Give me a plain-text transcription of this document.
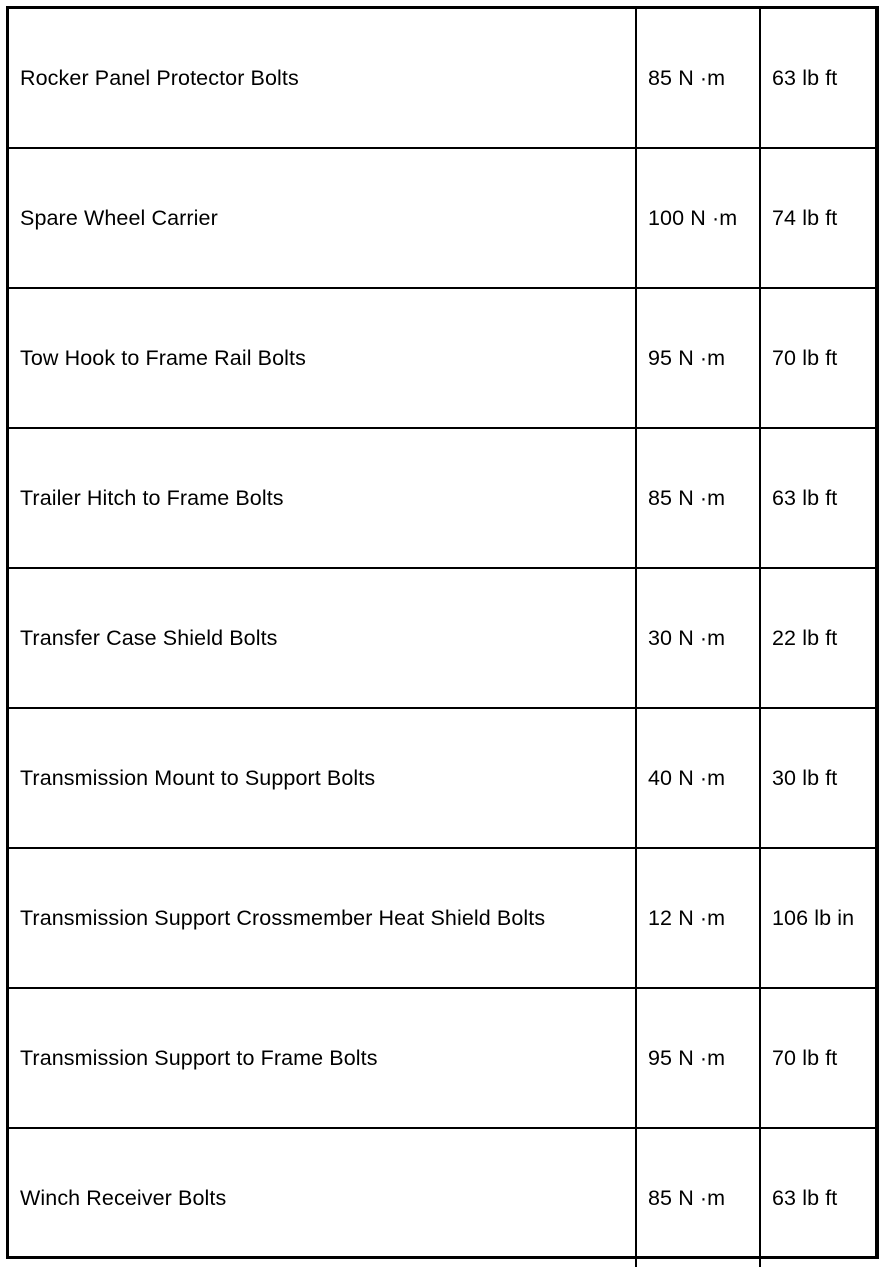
Rocker Panel Protector Bolts	85 N ·m	63 lb ft
Spare Wheel Carrier	100 N ·m	74 lb ft
Tow Hook to Frame Rail Bolts	95 N ·m	70 lb ft
Trailer Hitch to Frame Bolts	85 N ·m	63 lb ft
Transfer Case Shield Bolts	30 N ·m	22 lb ft
Transmission Mount to Support Bolts	40 N ·m	30 lb ft
Transmission Support Crossmember Heat Shield Bolts	12 N ·m	106 lb in
Transmission Support to Frame Bolts	95 N ·m	70 lb ft
Winch Receiver Bolts	85 N ·m	63 lb ft
